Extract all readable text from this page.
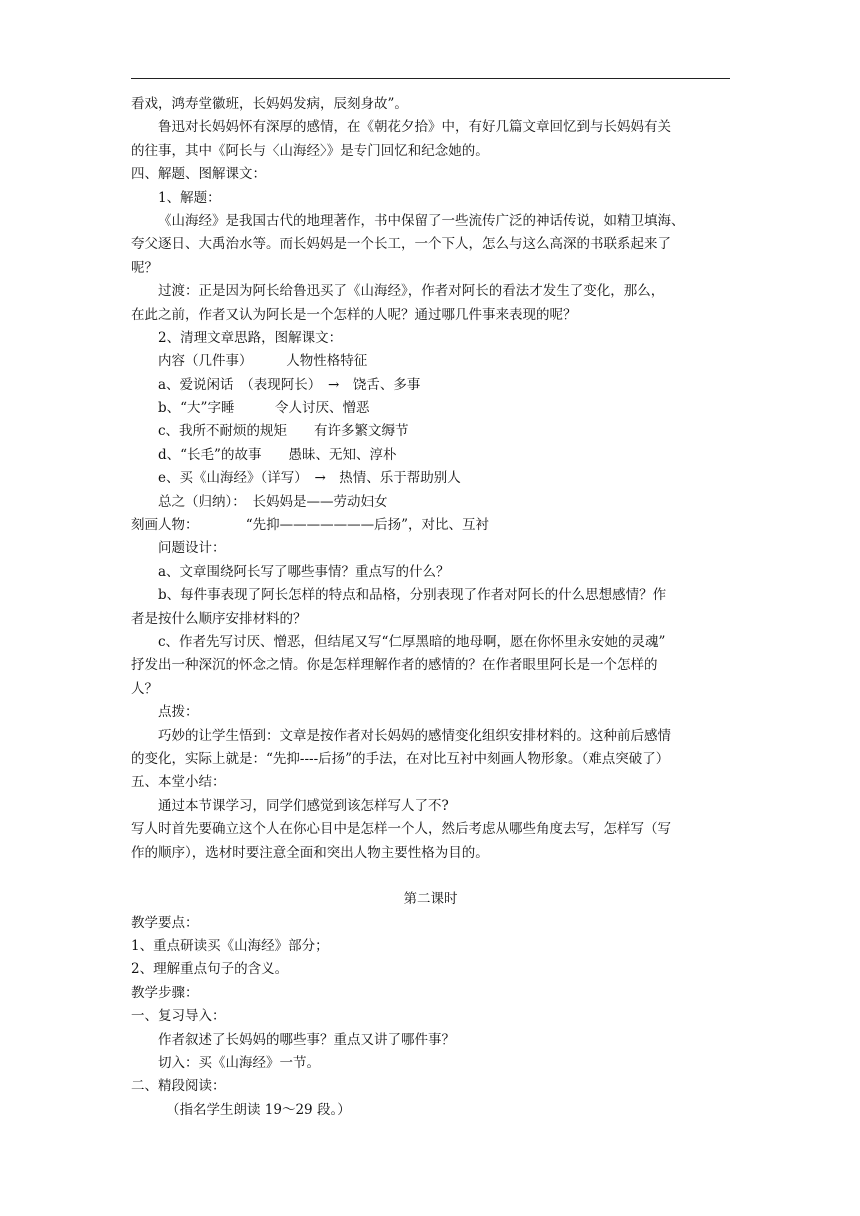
看戏，鸿寿堂徽班，长妈妈发病，辰刻身故”。
鲁迅对长妈妈怀有深厚的感情，在《朝花夕拾》中，有好几篇文章回忆到与长妈妈有关
的往事，其中《阿长与〈山海经〉》是专门回忆和纪念她的。
四、解题、图解课文：
1、解题：
《山海经》是我国古代的地理著作，书中保留了一些流传广泛的神话传说，如精卫填海、
夸父逐日、大禹治水等。而长妈妈是一个长工，一个下人，怎么与这么高深的书联系起来了
呢？
过渡：正是因为阿长给鲁迅买了《山海经》，作者对阿长的看法才发生了变化，那么，
在此之前，作者又认为阿长是一个怎样的人呢？通过哪几件事来表现的呢？
2、清理文章思路，图解课文：
内容（几件事）　　　人物性格特征
a、爱说闲话　（表现阿长）　→　饶舌、多事
b、“大”字睡　　　令人讨厌、憎恶
c、我所不耐烦的规矩　　有许多繁文缛节
d、“长毛”的故事　　愚昧、无知、淳朴
e、买《山海经》（详写）　→　热情、乐于帮助别人
总之（归纳）：　长妈妈是——劳动妇女
刻画人物：　　　　“先抑———————后扬”，对比、互衬
问题设计：
a、文章围绕阿长写了哪些事情？重点写的什么？
b、每件事表现了阿长怎样的特点和品格，分别表现了作者对阿长的什么思想感情？作
者是按什么顺序安排材料的？
c、作者先写讨厌、憎恶，但结尾又写“仁厚黑暗的地母啊，愿在你怀里永安她的灵魂”
抒发出一种深沉的怀念之情。你是怎样理解作者的感情的？在作者眼里阿长是一个怎样的
人？
点拨：
巧妙的让学生悟到：文章是按作者对长妈妈的感情变化组织安排材料的。这种前后感情
的变化，实际上就是：“先抑----后扬”的手法，在对比互衬中刻画人物形象。（难点突破了）
五、本堂小结：
通过本节课学习，同学们感觉到该怎样写人了不?
写人时首先要确立这个人在你心目中是怎样一个人，然后考虑从哪些角度去写，怎样写（写
作的顺序），选材时要注意全面和突出人物主要性格为目的。
第二课时
教学要点：
1、重点研读买《山海经》部分；
2、理解重点句子的含义。
教学步骤：
一、复习导入：
作者叙述了长妈妈的哪些事？重点又讲了哪件事？
切入：买《山海经》一节。
二、精段阅读：
（指名学生朗读 19～29 段。）
